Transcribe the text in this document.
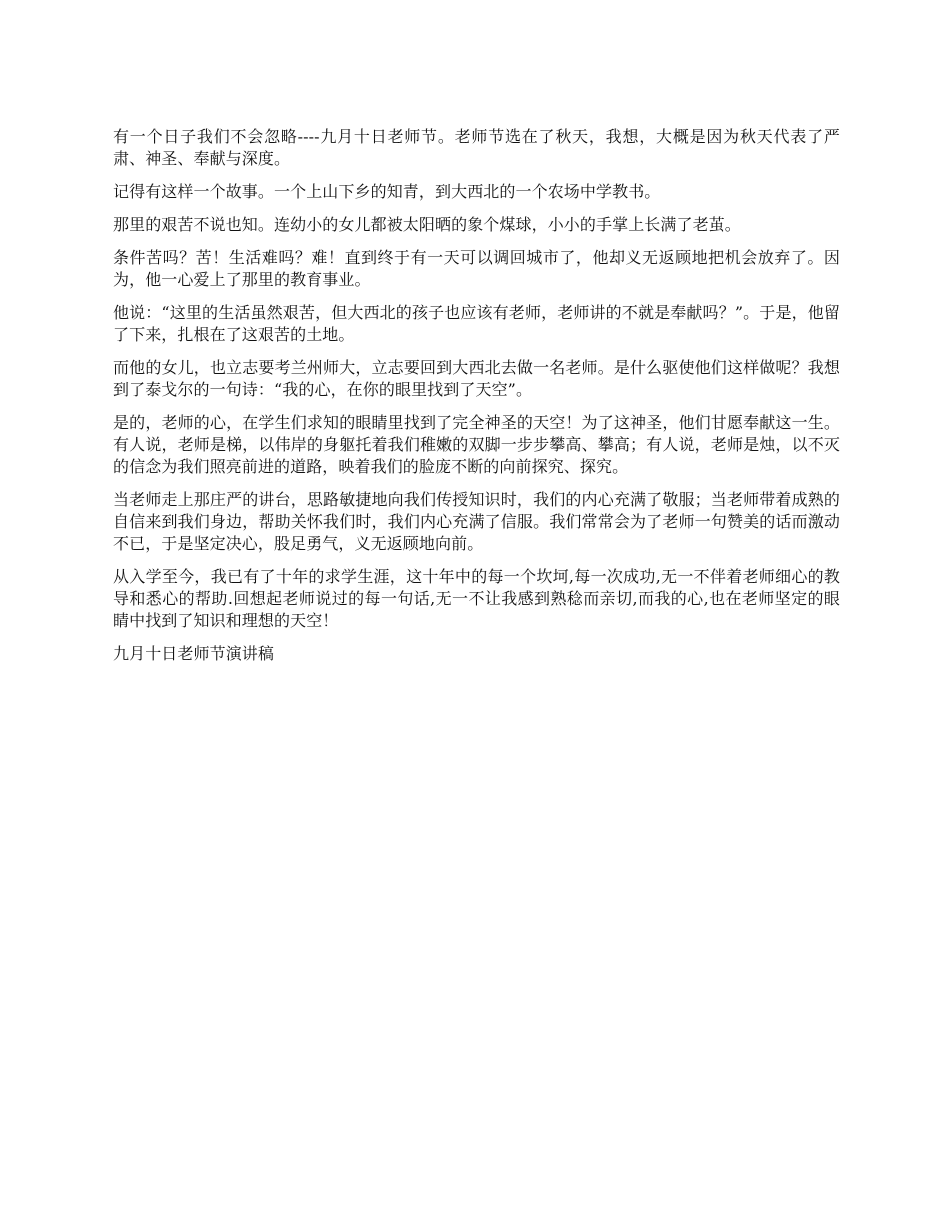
有一个日子我们不会忽略----九月十日老师节。老师节选在了秋天，我想，大概是因为秋天代表了严肃、神圣、奉献与深度。

记得有这样一个故事。一个上山下乡的知青，到大西北的一个农场中学教书。

那里的艰苦不说也知。连幼小的女儿都被太阳晒的象个煤球，小小的手掌上长满了老茧。

条件苦吗？苦！生活难吗？难！直到终于有一天可以调回城市了，他却义无返顾地把机会放弃了。因为，他一心爱上了那里的教育事业。

他说：“这里的生活虽然艰苦，但大西北的孩子也应该有老师，老师讲的不就是奉献吗？”。于是，他留了下来，扎根在了这艰苦的土地。

而他的女儿，也立志要考兰州师大，立志要回到大西北去做一名老师。是什么驱使他们这样做呢？我想到了泰戈尔的一句诗：“我的心，在你的眼里找到了天空”。

是的，老师的心，在学生们求知的眼睛里找到了完全神圣的天空！为了这神圣，他们甘愿奉献这一生。 有人说，老师是梯，以伟岸的身躯托着我们稚嫩的双脚一步步攀高、攀高；有人说，老师是烛，以不灭的信念为我们照亮前进的道路，映着我们的脸庞不断的向前探究、探究。

当老师走上那庄严的讲台，思路敏捷地向我们传授知识时，我们的内心充满了敬服；当老师带着成熟的自信来到我们身边，帮助关怀我们时，我们内心充满了信服。我们常常会为了老师一句赞美的话而激动不已，于是坚定决心，股足勇气，义无返顾地向前。

从入学至今，我已有了十年的求学生涯，这十年中的每一个坎坷,每一次成功,无一不伴着老师细心的教导和悉心的帮助.回想起老师说过的每一句话,无一不让我感到熟稔而亲切,而我的心,也在老师坚定的眼睛中找到了知识和理想的天空！

九月十日老师节演讲稿
